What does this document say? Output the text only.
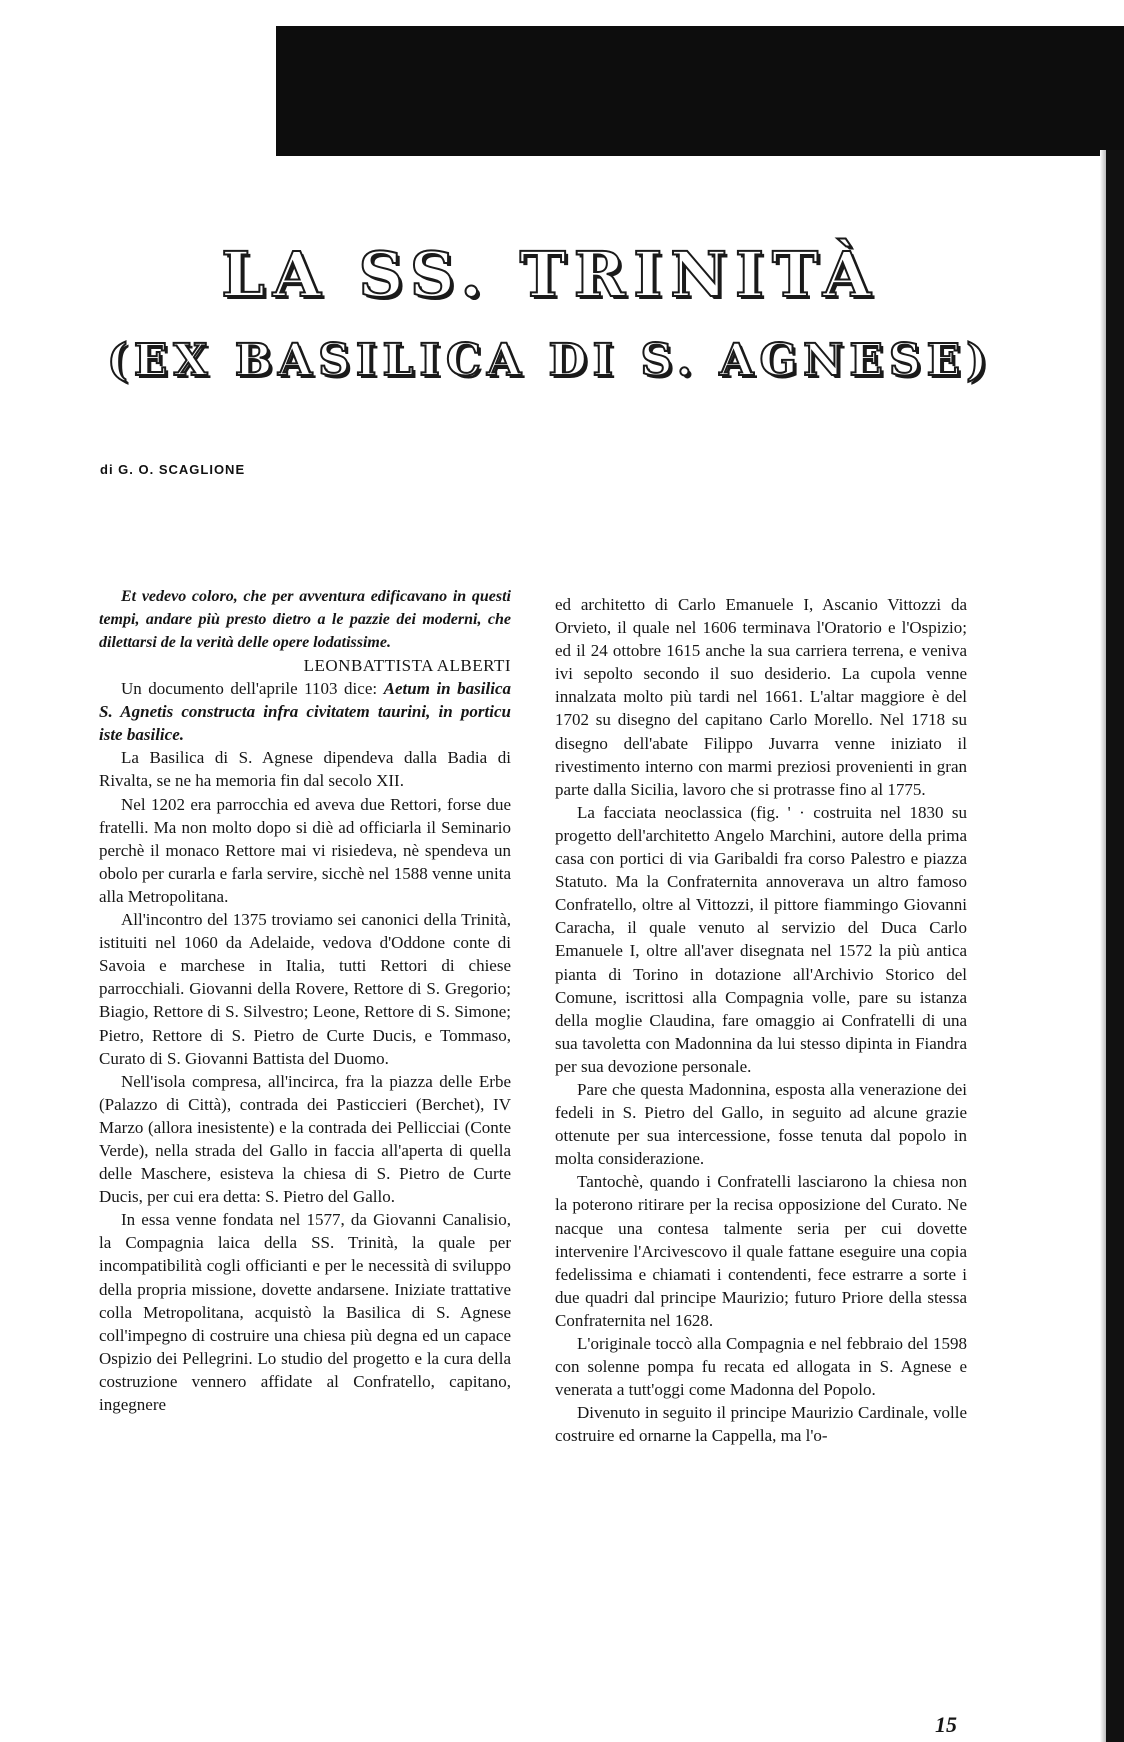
LA SS. TRINITÀ
(EX BASILICA DI S. AGNESE)

di G. O. SCAGLIONE

Et vedevo coloro, che per avventura edificavano in questi tempi, andare più presto dietro a le pazzie dei moderni, che dilettarsi de la verità delle opere lodatissime.

LEONBATTISTA ALBERTI

Un documento dell'aprile 1103 dice: Aetum in basilica S. Agnetis constructa infra civitatem taurini, in porticu iste basilice.

La Basilica di S. Agnese dipendeva dalla Badia di Rivalta, se ne ha memoria fin dal secolo XII.

Nel 1202 era parrocchia ed aveva due Rettori, forse due fratelli. Ma non molto dopo si diè ad officiarla il Seminario perchè il monaco Rettore mai vi risiedeva, nè spendeva un obolo per curarla e farla servire, sicchè nel 1588 venne unita alla Metropolitana.

All'incontro del 1375 troviamo sei canonici della Trinità, istituiti nel 1060 da Adelaide, vedova d'Oddone conte di Savoia e marchese in Italia, tutti Rettori di chiese parrocchiali. Giovanni della Rovere, Rettore di S. Gregorio; Biagio, Rettore di S. Silvestro; Leone, Rettore di S. Simone; Pietro, Rettore di S. Pietro de Curte Ducis, e Tommaso, Curato di S. Giovanni Battista del Duomo.

Nell'isola compresa, all'incirca, fra la piazza delle Erbe (Palazzo di Città), contrada dei Pasticcieri (Berchet), IV Marzo (allora inesistente) e la contrada dei Pellicciai (Conte Verde), nella strada del Gallo in faccia all'aperta di quella delle Maschere, esisteva la chiesa di S. Pietro de Curte Ducis, per cui era detta: S. Pietro del Gallo.

In essa venne fondata nel 1577, da Giovanni Canalisio, la Compagnia laica della SS. Trinità, la quale per incompatibilità cogli officianti e per le necessità di sviluppo della propria missione, dovette andarsene. Iniziate trattative colla Metropolitana, acquistò la Basilica di S. Agnese coll'impegno di costruire una chiesa più degna ed un capace Ospizio dei Pellegrini. Lo studio del progetto e la cura della costruzione vennero affidate al Confratello, capitano, ingegnere

ed architetto di Carlo Emanuele I, Ascanio Vittozzi da Orvieto, il quale nel 1606 terminava l'Oratorio e l'Ospizio; ed il 24 ottobre 1615 anche la sua carriera terrena, e veniva ivi sepolto secondo il suo desiderio. La cupola venne innalzata molto più tardi nel 1661. L'altar maggiore è del 1702 su disegno del capitano Carlo Morello. Nel 1718 su disegno dell'abate Filippo Juvarra venne iniziato il rivestimento interno con marmi preziosi provenienti in gran parte dalla Sicilia, lavoro che si protrasse fino al 1775.

La facciata neoclassica (fig. ' · costruita nel 1830 su progetto dell'architetto Angelo Marchini, autore della prima casa con portici di via Garibaldi fra corso Palestro e piazza Statuto. Ma la Confraternita annoverava un altro famoso Confratello, oltre al Vittozzi, il pittore fiammingo Giovanni Caracha, il quale venuto al servizio del Duca Carlo Emanuele I, oltre all'aver disegnata nel 1572 la più antica pianta di Torino in dotazione all'Archivio Storico del Comune, iscrittosi alla Compagnia volle, pare su istanza della moglie Claudina, fare omaggio ai Confratelli di una sua tavoletta con Madonnina da lui stesso dipinta in Fiandra per sua devozione personale.

Pare che questa Madonnina, esposta alla venerazione dei fedeli in S. Pietro del Gallo, in seguito ad alcune grazie ottenute per sua intercessione, fosse tenuta dal popolo in molta considerazione.

Tantochè, quando i Confratelli lasciarono la chiesa non la poterono ritirare per la recisa opposizione del Curato. Ne nacque una contesa talmente seria per cui dovette intervenire l'Arcivescovo il quale fattane eseguire una copia fedelissima e chiamati i contendenti, fece estrarre a sorte i due quadri dal principe Maurizio; futuro Priore della stessa Confraternita nel 1628.

L'originale toccò alla Compagnia e nel febbraio del 1598 con solenne pompa fu recata ed allogata in S. Agnese e venerata a tutt'oggi come Madonna del Popolo.

Divenuto in seguito il principe Maurizio Cardinale, volle costruire ed ornarne la Cappella, ma l'o-

15
